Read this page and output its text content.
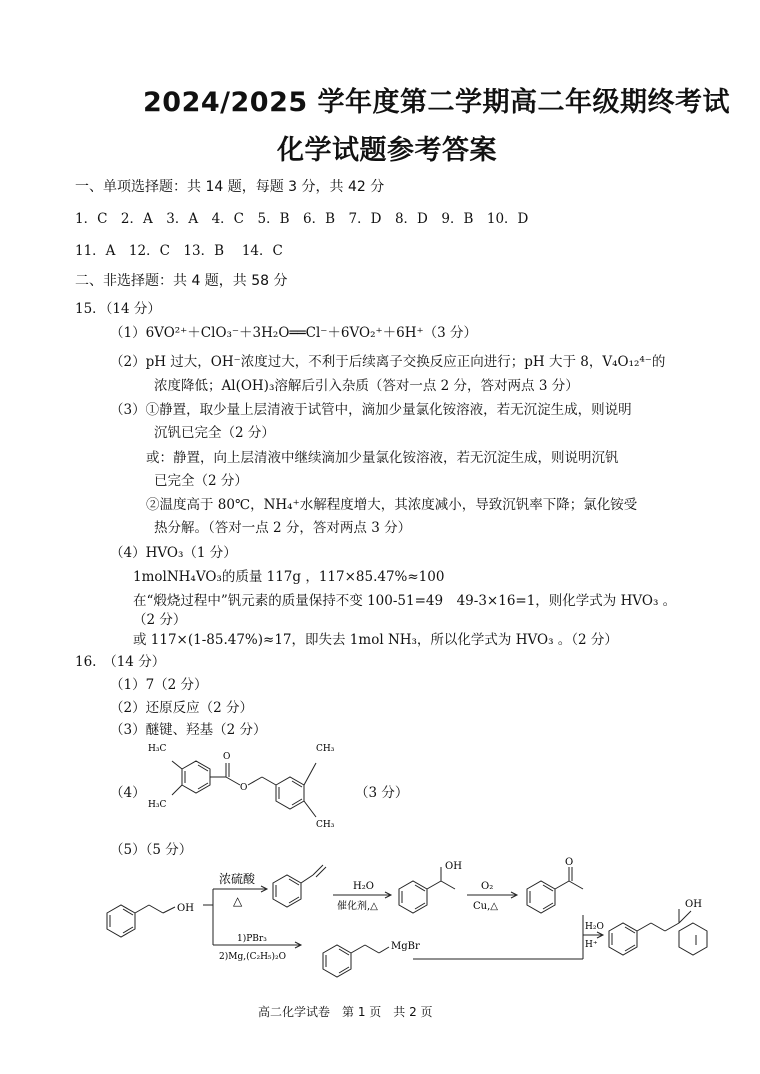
2024/2025 学年度第二学期高二年级期终考试
化学试题参考答案
一、单项选择题：共 14 题，每题 3 分，共 42 分
1．C　2．A　3．A　4．C　5．B　6．B　7．D　8．D　9．B　10．D
11．A　12．C　13．B　 14．C
二、非选择题：共 4 题，共 58 分
15．（14 分）
（1）6VO²⁺＋ClO₃⁻＋3H₂O══Cl⁻＋6VO₂⁺＋6H⁺（3 分）
（2）pH 过大，OH⁻浓度过大，不利于后续离子交换反应正向进行；pH 大于 8，V₄O₁₂⁴⁻的
浓度降低；Al(OH)₃溶解后引入杂质（答对一点 2 分，答对两点 3 分）
（3）①静置，取少量上层清液于试管中，滴加少量氯化铵溶液，若无沉淀生成，则说明
沉钒已完全（2 分）
或：静置，向上层清液中继续滴加少量氯化铵溶液，若无沉淀生成，则说明沉钒
已完全（2 分）
②温度高于 80℃，NH₄⁺水解程度增大，其浓度减小，导致沉钒率下降；氯化铵受
热分解。（答对一点 2 分，答对两点 3 分）
（4）HVO₃（1 分）
1molNH₄VO₃的质量 117g ，117×85.47%≈100
在“煅烧过程中”钒元素的质量保持不变 100-51=49　49-3×16=1，则化学式为 HVO₃ 。
（2 分）
或 117×(1-85.47%)≈17，即失去 1mol NH₃，所以化学式为 HVO₃ 。（2 分）
16.　（14 分）
（1）7（2 分）
（2）还原反应（2 分）
（3）醚键、羟基（2 分）
（4）	（3 分）
（5）（5 分）
H₃C
H₃C
O
O
CH₃
CH₃
OH
浓硫酸
△
H₂O
催化剂,△
OH
O₂
Cu,△
O
1)PBr₃
2)Mg,(C₂H₅)₂O
MgBr
H₂O
H⁺
OH
高二化学试卷　第 1 页　共 2 页
